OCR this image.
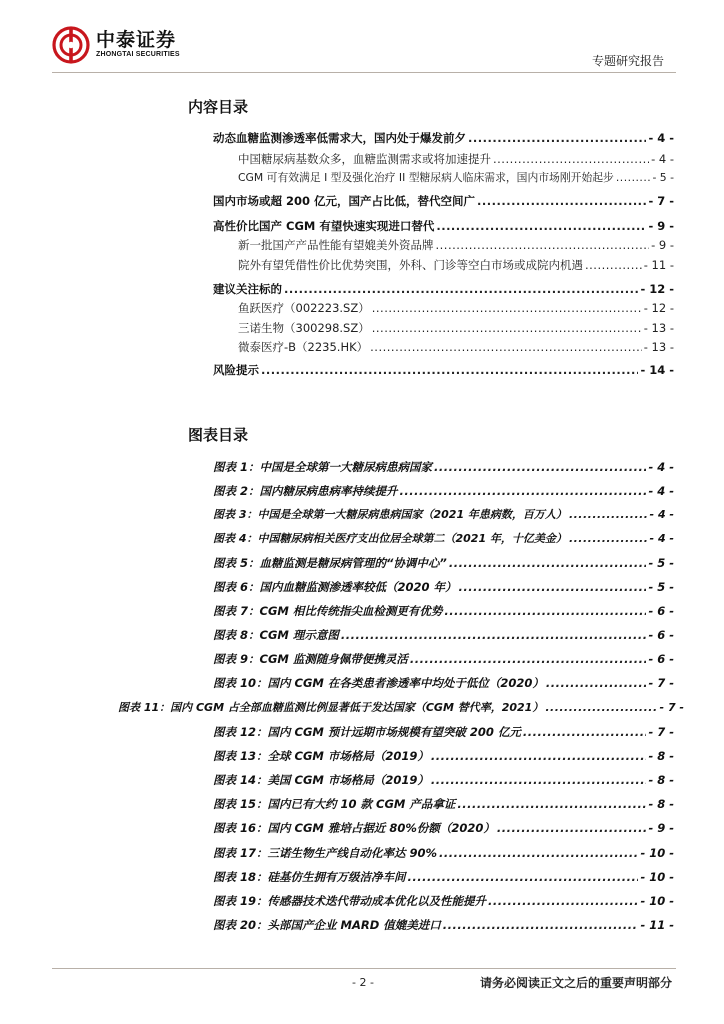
中泰证券
ZHONGTAI SECURITIES	专题研究报告
内容目录
动态血糖监测渗透率低需求大，国内处于爆发前夕 .....	- 4 -
中国糖尿病基数众多，血糖监测需求或将加速提升 .....	- 4 -
CGM 可有效满足 I 型及强化治疗 II 型糖尿病人临床需求，国内市场刚开始起步 .....	- 5 -
国内市场或超 200 亿元，国产占比低，替代空间广 .....	- 7 -
高性价比国产 CGM 有望快速实现进口替代 .....	- 9 -
新一批国产产品性能有望媲美外资品牌 .....	- 9 -
院外有望凭借性价比优势突围，外科、门诊等空白市场或成院内机遇 .....	- 11 -
建议关注标的 .....	- 12 -
鱼跃医疗（002223.SZ） .....	- 12 -
三诺生物（300298.SZ） .....	- 13 -
微泰医疗-B（2235.HK） .....	- 13 -
风险提示 .....	- 14 -
图表目录
图表 1：中国是全球第一大糖尿病患病国家 .....	- 4 -
图表 2：国内糖尿病患病率持续提升 .....	- 4 -
图表 3：中国是全球第一大糖尿病患病国家（2021 年患病数，百万人） .....	- 4 -
图表 4：中国糖尿病相关医疗支出位居全球第二（2021 年，十亿美金） .....	- 4 -
图表 5：血糖监测是糖尿病管理的“协调中心” .....	- 5 -
图表 6：国内血糖监测渗透率较低（2020 年） .....	- 5 -
图表 7：CGM 相比传统指尖血检测更有优势 .....	- 6 -
图表 8：CGM 理示意图 .....	- 6 -
图表 9：CGM 监测随身佩带便携灵活 .....	- 6 -
图表 10：国内 CGM 在各类患者渗透率中均处于低位（2020） .....	- 7 -
图表 11：国内 CGM 占全部血糖监测比例显著低于发达国家（CGM 替代率，2021） .....	- 7 -
图表 12：国内 CGM 预计远期市场规模有望突破 200 亿元 .....	- 7 -
图表 13：全球 CGM 市场格局（2019） .....	- 8 -
图表 14：美国 CGM 市场格局（2019） .....	- 8 -
图表 15：国内已有大约 10 款 CGM 产品拿证 .....	- 8 -
图表 16：国内 CGM 雅培占据近 80%份额（2020） .....	- 9 -
图表 17：三诺生物生产线自动化率达 90% .....	- 10 -
图表 18：硅基仿生拥有万级洁净车间 .....	- 10 -
图表 19：传感器技术迭代带动成本优化以及性能提升 .....	- 10 -
图表 20：头部国产企业 MARD 值媲美进口 .....	- 11 -
- 2 -	请务必阅读正文之后的重要声明部分
